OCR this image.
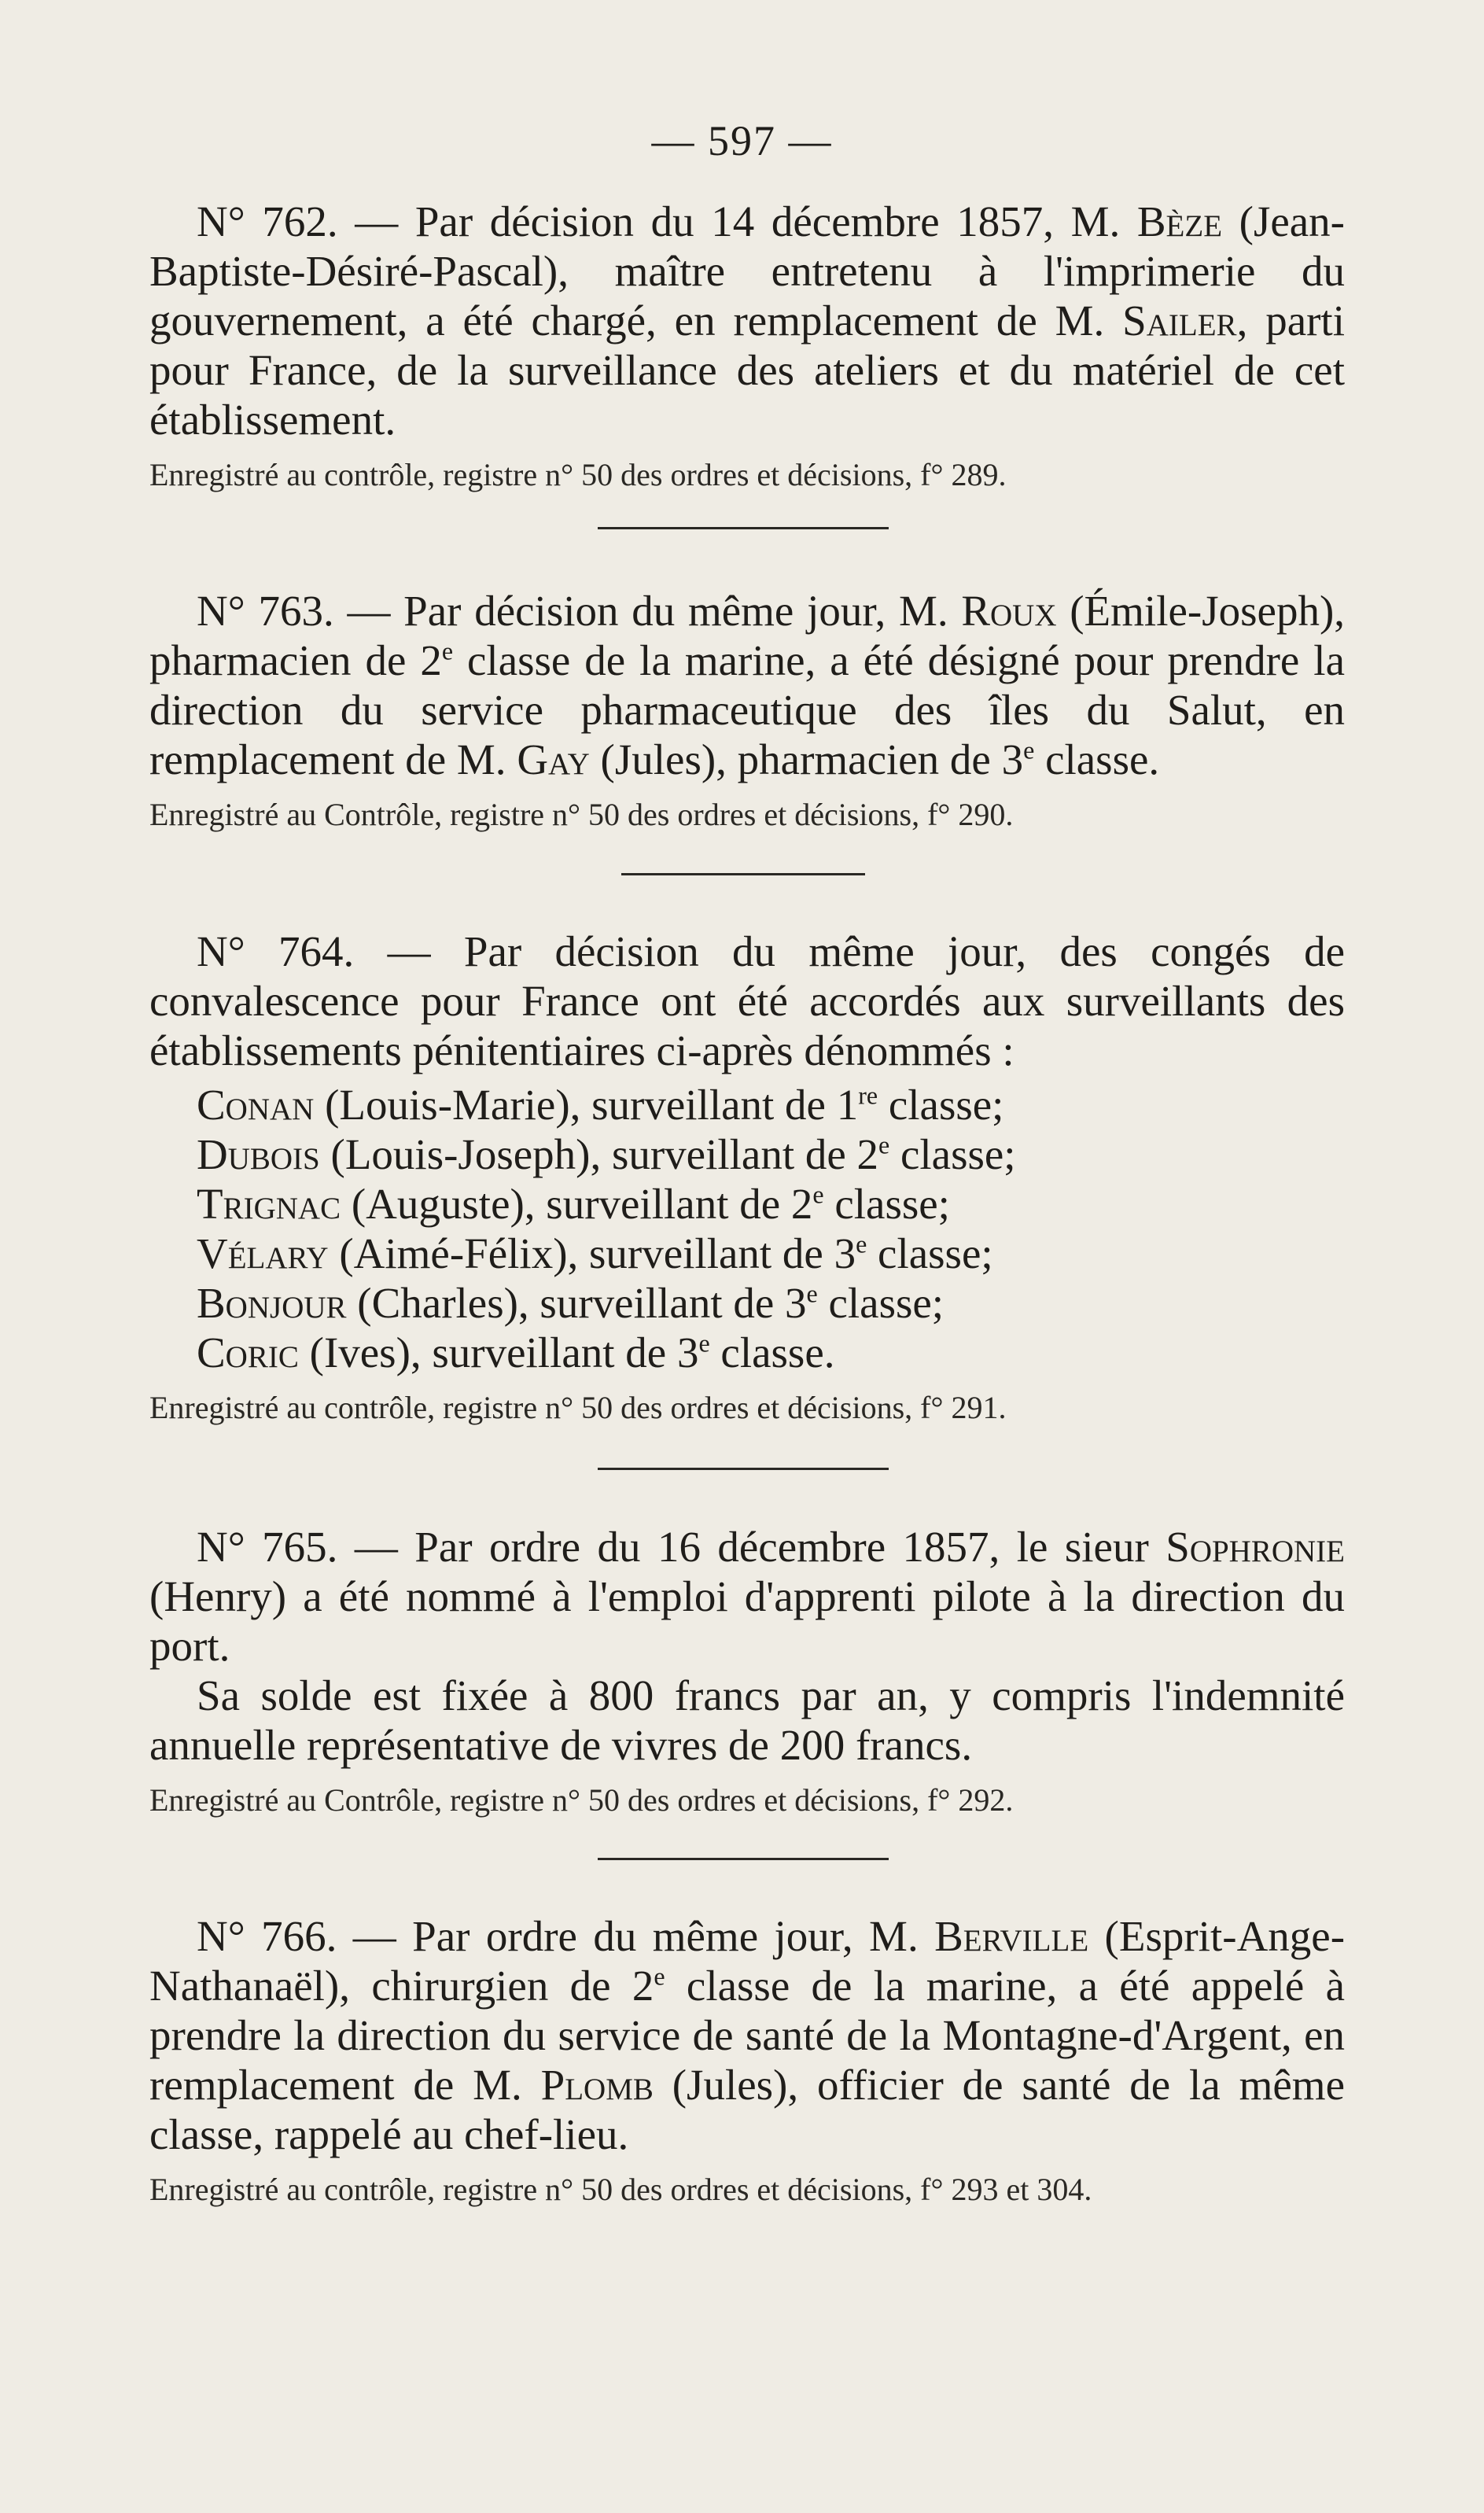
— 597 —

N° 762. — Par décision du 14 décembre 1857, M. Bèze (Jean-Baptiste-Désiré-Pascal), maître entretenu à l'imprimerie du gouvernement, a été chargé, en remplacement de M. Sailer, parti pour France, de la surveillance des ateliers et du matériel de cet établissement.

Enregistré au contrôle, registre n° 50 des ordres et décisions, f° 289.

N° 763. — Par décision du même jour, M. Roux (Émile-Joseph), pharmacien de 2e classe de la marine, a été désigné pour prendre la direction du service pharmaceutique des îles du Salut, en remplacement de M. Gay (Jules), pharmacien de 3e classe.

Enregistré au Contrôle, registre n° 50 des ordres et décisions, f° 290.

N° 764. — Par décision du même jour, des congés de convalescence pour France ont été accordés aux surveillants des établissements pénitentiaires ci-après dénommés :

Conan (Louis-Marie), surveillant de 1re classe;
Dubois (Louis-Joseph), surveillant de 2e classe;
Trignac (Auguste), surveillant de 2e classe;
Vélary (Aimé-Félix), surveillant de 3e classe;
Bonjour (Charles), surveillant de 3e classe;
Coric (Ives), surveillant de 3e classe.

Enregistré au contrôle, registre n° 50 des ordres et décisions, f° 291.

N° 765. — Par ordre du 16 décembre 1857, le sieur Sophronie (Henry) a été nommé à l'emploi d'apprenti pilote à la direction du port.

Sa solde est fixée à 800 francs par an, y compris l'indemnité annuelle représentative de vivres de 200 francs.

Enregistré au Contrôle, registre n° 50 des ordres et décisions, f° 292.

N° 766. — Par ordre du même jour, M. Berville (Esprit-Ange-Nathanaël), chirurgien de 2e classe de la marine, a été appelé à prendre la direction du service de santé de la Montagne-d'Argent, en remplacement de M. Plomb (Jules), officier de santé de la même classe, rappelé au chef-lieu.

Enregistré au contrôle, registre n° 50 des ordres et décisions, f° 293 et 304.
